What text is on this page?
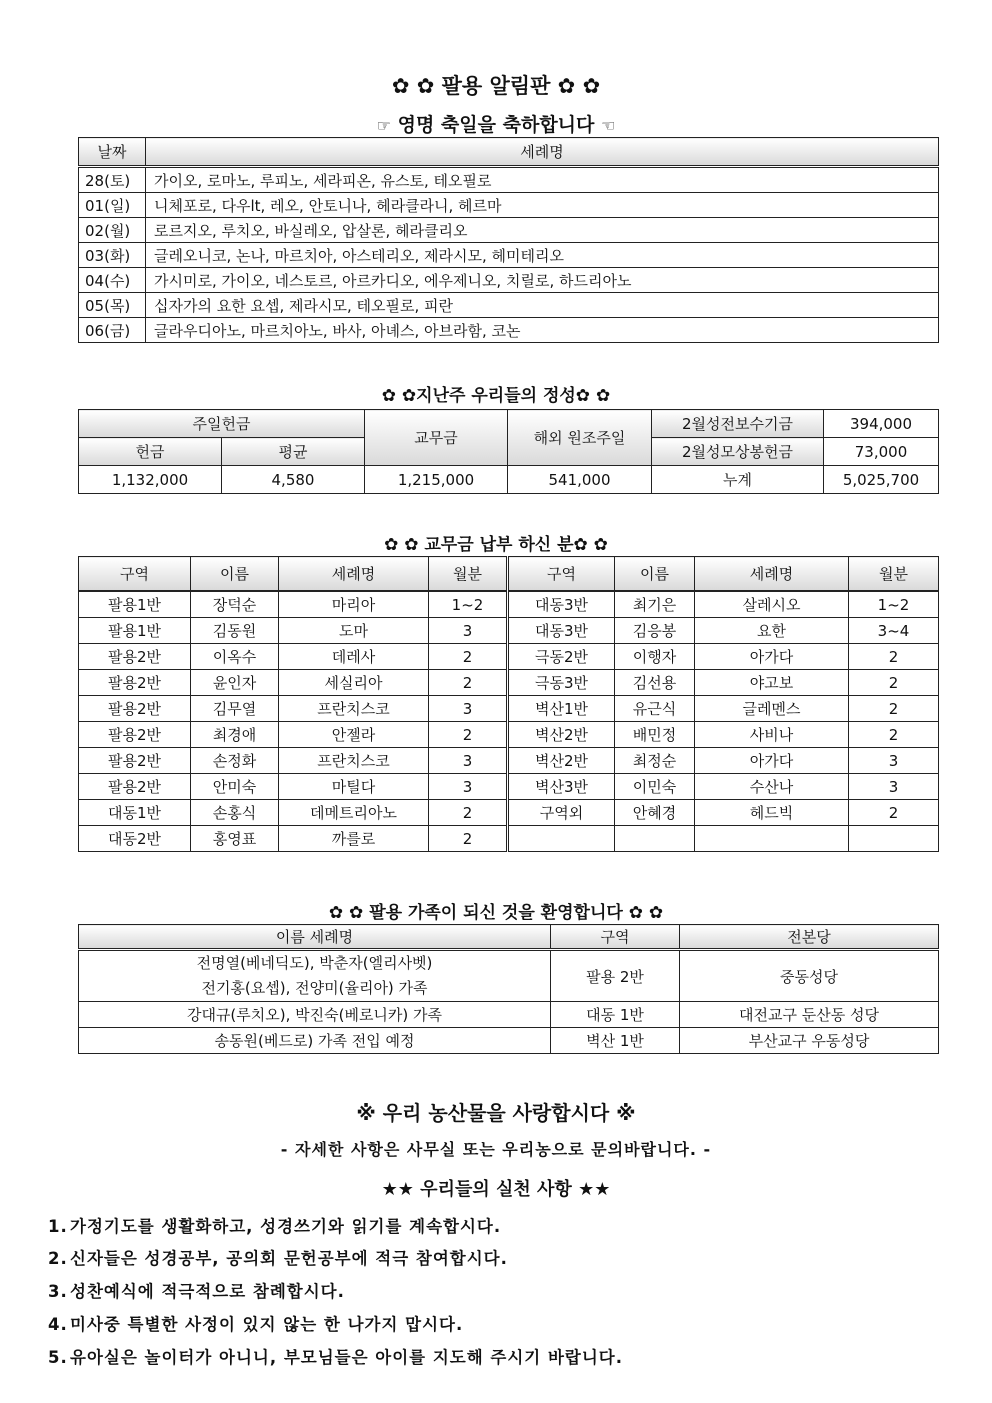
✿ ✿ 팔용 알림판 ✿ ✿
☞ 영명 축일을 축하합니다 ☜
날짜	세례명
28(토)	가이오, 로마노, 루피노, 세라피온, 유스토, 테오필로
01(일)	니체포로, 다우lt, 레오, 안토니나, 헤라클라니, 헤르마
02(월)	로르지오, 루치오, 바실레오, 압살론, 헤라클리오
03(화)	글레오니코, 논나, 마르치아, 아스테리오, 제라시모, 헤미테리오
04(수)	가시미로, 가이오, 네스토르, 아르카디오, 에우제니오, 치릴로, 하드리아노
05(목)	십자가의 요한 요셉, 제라시모, 테오필로, 피란
06(금)	글라우디아노, 마르치아노, 바사, 아녜스, 아브라함, 코논
✿ ✿지난주 우리들의 정성✿ ✿
주일헌금		교무금	해외 원조주일	2월성전보수기금	394,000
헌금	평균			2월성모상봉헌금	73,000
1,132,000	4,580	1,215,000	541,000	누계	5,025,700
✿ ✿ 교무금 납부 하신 분✿ ✿
구역	이름	세례명	월분	구역	이름	세례명	월분
팔용1반	장덕순	마리아	1~2	대동3반	최기은	살레시오	1~2
팔용1반	김동원	도마	3	대동3반	김응봉	요한	3~4
팔용2반	이옥수	데레사	2	극동2반	이행자	아가다	2
팔용2반	윤인자	세실리아	2	극동3반	김선용	야고보	2
팔용2반	김무열	프란치스코	3	벽산1반	유근식	글레멘스	2
팔용2반	최경애	안젤라	2	벽산2반	배민정	사비나	2
팔용2반	손정화	프란치스코	3	벽산2반	최정순	아가다	3
팔용2반	안미숙	마틸다	3	벽산3반	이민숙	수산나	3
대동1반	손홍식	데메트리아노	2	구역외	안혜경	헤드빅	2
대동2반	홍영표	까를로	2				
✿ ✿ 팔용 가족이 되신 것을 환영합니다 ✿ ✿
이름 세례명	구역	전본당

전명열(베네딕도), 박춘자(엘리사벳)
전기홍(요셉), 전양미(율리아) 가족	팔용 2반	중동성당
강대규(루치오), 박진숙(베로니카) 가족	대동 1반	대전교구 둔산동 성당
송동원(베드로) 가족 전입 예정	벽산 1반	부산교구 우동성당
※ 우리 농산물을 사랑합시다 ※
- 자세한 사항은 사무실 또는 우리농으로 문의바랍니다. -
★★ 우리들의 실천 사항 ★★
1. 가정기도를 생활화하고, 성경쓰기와 읽기를 계속합시다.
2. 신자들은 성경공부, 공의회 문헌공부에 적극 참여합시다.
3. 성찬예식에 적극적으로 참례합시다.
4. 미사중 특별한 사정이 있지 않는 한 나가지 맙시다.
5. 유아실은 놀이터가 아니니, 부모님들은 아이를 지도해 주시기 바랍니다.
